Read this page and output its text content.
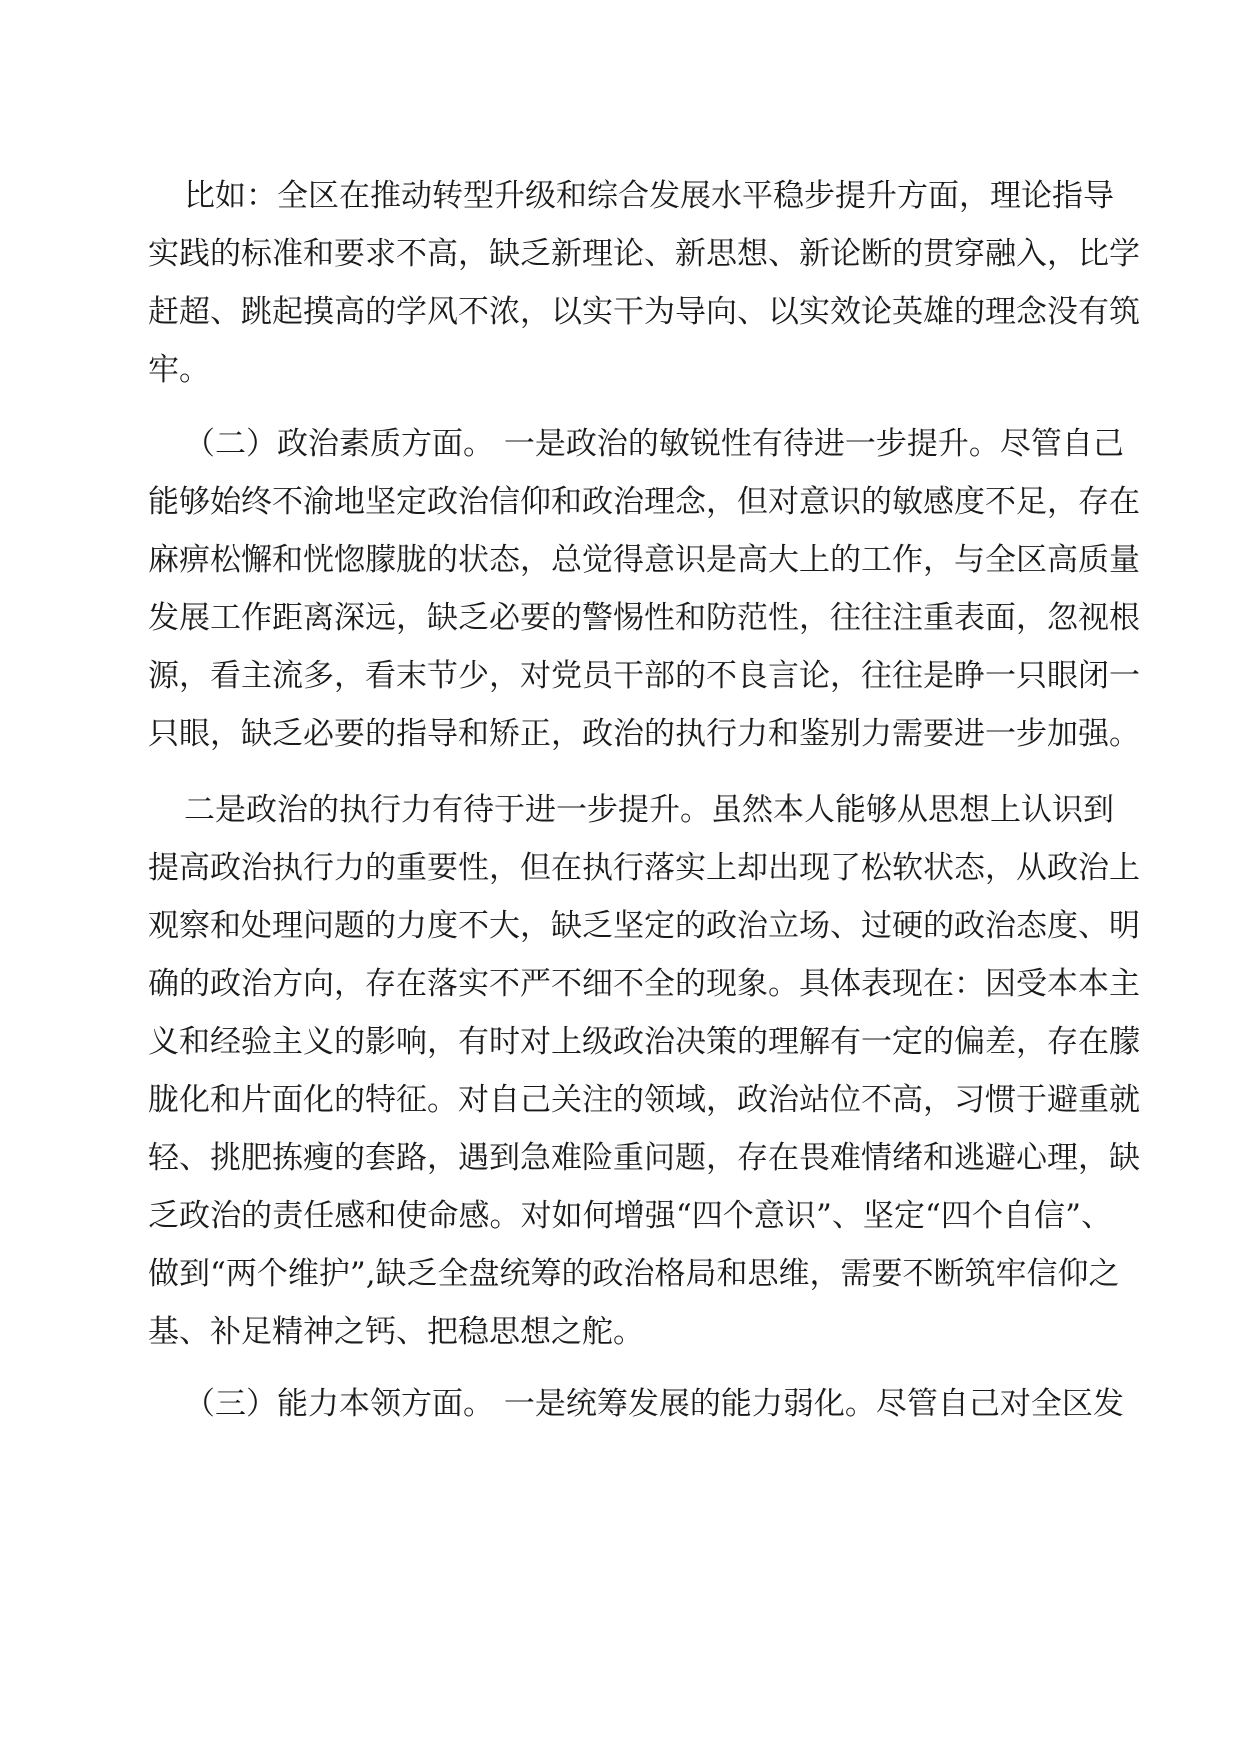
比如：全区在推动转型升级和综合发展水平稳步提升方面，理论指导
实践的标准和要求不高，缺乏新理论、新思想、新论断的贯穿融入，比学
赶超、跳起摸高的学风不浓，以实干为导向、以实效论英雄的理念没有筑
牢。
（二）政治素质方面。 一是政治的敏锐性有待进一步提升。尽管自己
能够始终不渝地坚定政治信仰和政治理念，但对意识的敏感度不足，存在
麻痹松懈和恍惚朦胧的状态，总觉得意识是高大上的工作，与全区高质量
发展工作距离深远，缺乏必要的警惕性和防范性，往往注重表面，忽视根
源，看主流多，看末节少，对党员干部的不良言论，往往是睁一只眼闭一
只眼，缺乏必要的指导和矫正，政治的执行力和鉴别力需要进一步加强。
二是政治的执行力有待于进一步提升。虽然本人能够从思想上认识到
提高政治执行力的重要性，但在执行落实上却出现了松软状态，从政治上
观察和处理问题的力度不大，缺乏坚定的政治立场、过硬的政治态度、明
确的政治方向，存在落实不严不细不全的现象。具体表现在：因受本本主
义和经验主义的影响，有时对上级政治决策的理解有一定的偏差，存在朦
胧化和片面化的特征。对自己关注的领域，政治站位不高，习惯于避重就
轻、挑肥拣瘦的套路，遇到急难险重问题，存在畏难情绪和逃避心理，缺
乏政治的责任感和使命感。对如何增强“四个意识”、坚定“四个自信”、
做到“两个维护”,缺乏全盘统筹的政治格局和思维，需要不断筑牢信仰之
基、补足精神之钙、把稳思想之舵。
（三）能力本领方面。 一是统筹发展的能力弱化。尽管自己对全区发
